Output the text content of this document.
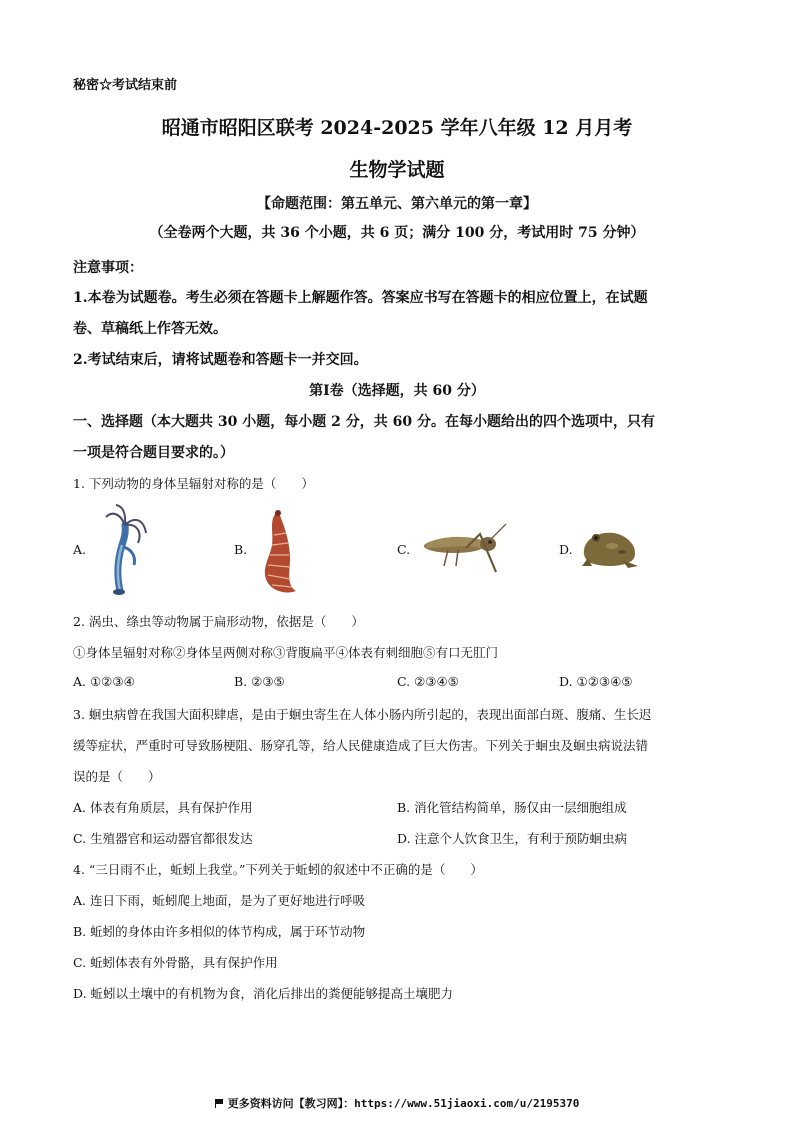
秘密☆考试结束前
昭通市昭阳区联考 2024-2025 学年八年级 12 月月考
生物学试题
【命题范围：第五单元、第六单元的第一章】
（全卷两个大题，共 36 个小题，共 6 页；满分 100 分，考试用时 75 分钟）
注意事项：
1.本卷为试题卷。考生必须在答题卡上解题作答。答案应书写在答题卡的相应位置上，在试题
卷、草稿纸上作答无效。
2.考试结束后，请将试题卷和答题卡一并交回。
第Ⅰ卷（选择题，共 60 分）
一、选择题（本大题共 30 小题，每小题 2 分，共 60 分。在每小题给出的四个选项中，只有
一项是符合题目要求的。）
1. 下列动物的身体呈辐射对称的是（　　）
A.	B.	C.	D.
2. 涡虫、绦虫等动物属于扁形动物，依据是（　　）
①身体呈辐射对称②身体呈两侧对称③背腹扁平④体表有刺细胞⑤有口无肛门
A. ①②③④	B. ②③⑤	C. ②③④⑤	D. ①②③④⑤
3. 蛔虫病曾在我国大面积肆虐，是由于蛔虫寄生在人体小肠内所引起的，表现出面部白斑、腹痛、生长迟
缓等症状，严重时可导致肠梗阻、肠穿孔等，给人民健康造成了巨大伤害。下列关于蛔虫及蛔虫病说法错
误的是（　　）
A. 体表有角质层，具有保护作用	B. 消化管结构简单，肠仅由一层细胞组成
C. 生殖器官和运动器官都很发达	D. 注意个人饮食卫生，有利于预防蛔虫病
4. “三日雨不止，蚯蚓上我堂。”下列关于蚯蚓的叙述中不正确的是（　　）
A. 连日下雨，蚯蚓爬上地面，是为了更好地进行呼吸
B. 蚯蚓的身体由许多相似的体节构成，属于环节动物
C. 蚯蚓体表有外骨骼，具有保护作用
D. 蚯蚓以土壤中的有机物为食，消化后排出的粪便能够提高土壤肥力
更多资料访问【教习网】：https://www.51jiaoxi.com/u/2195370
